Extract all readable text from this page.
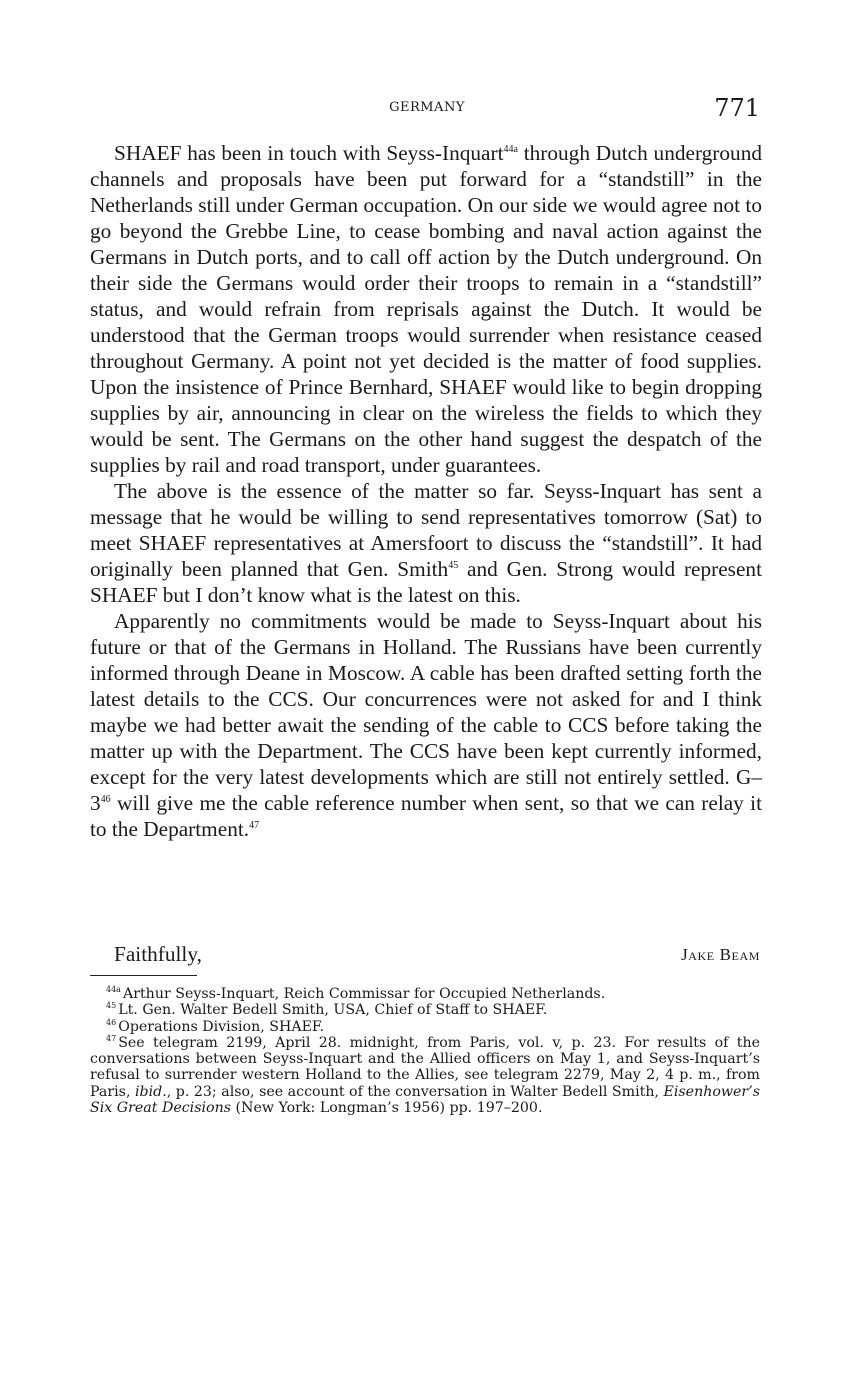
GERMANY	771

SHAEF has been in touch with Seyss-Inquart$^{44a}$ through Dutch underground channels and proposals have been put forward for a “standstill” in the Netherlands still under German occupation. On our side we would agree not to go beyond the Grebbe Line, to cease bombing and naval action against the Germans in Dutch ports, and to call off action by the Dutch underground. On their side the Germans would order their troops to remain in a “standstill” status, and would refrain from reprisals against the Dutch. It would be understood that the German troops would surrender when resistance ceased throughout Germany. A point not yet decided is the matter of food supplies. Upon the insistence of Prince Bernhard, SHAEF would like to begin dropping supplies by air, announcing in clear on the wireless the fields to which they would be sent. The Germans on the other hand suggest the despatch of the supplies by rail and road transport, under guarantees.

The above is the essence of the matter so far. Seyss-Inquart has sent a message that he would be willing to send representatives tomorrow (Sat) to meet SHAEF representatives at Amersfoort to discuss the “standstill”. It had originally been planned that Gen. Smith$^{45}$ and Gen. Strong would represent SHAEF but I don’t know what is the latest on this.

Apparently no commitments would be made to Seyss-Inquart about his future or that of the Germans in Holland. The Russians have been currently informed through Deane in Moscow. A cable has been drafted setting forth the latest details to the CCS. Our concurrences were not asked for and I think maybe we had better await the sending of the cable to CCS before taking the matter up with the Department. The CCS have been kept currently informed, except for the very latest developments which are still not entirely settled. $G-3^{46}$ will give me the cable reference number when sent, so that we can relay it to the Department.$^{47}$

Faithfully,	Jake Beam

$^{44a}$ Arthur Seyss-Inquart, Reich Commissar for Occupied Netherlands.

$^{45}$ Lt. Gen. Walter Bedell Smith, USA, Chief of Staff to SHAEF.

$^{46}$ Operations Division, SHAEF.

$^{47}$ See telegram 2199, April 28. midnight, from Paris, vol. v, p. 23. For results of the conversations between Seyss-Inquart and the Allied officers on May 1, and Seyss-Inquart’s refusal to surrender western Holland to the Allies, see telegram 2279, May 2, 4 p. m., from Paris, ibid., p. 23; also, see account of the conversation in Walter Bedell Smith, Eisenhower’s Six Great Decisions (New York: Longman’s 1956) pp. 197–200.
